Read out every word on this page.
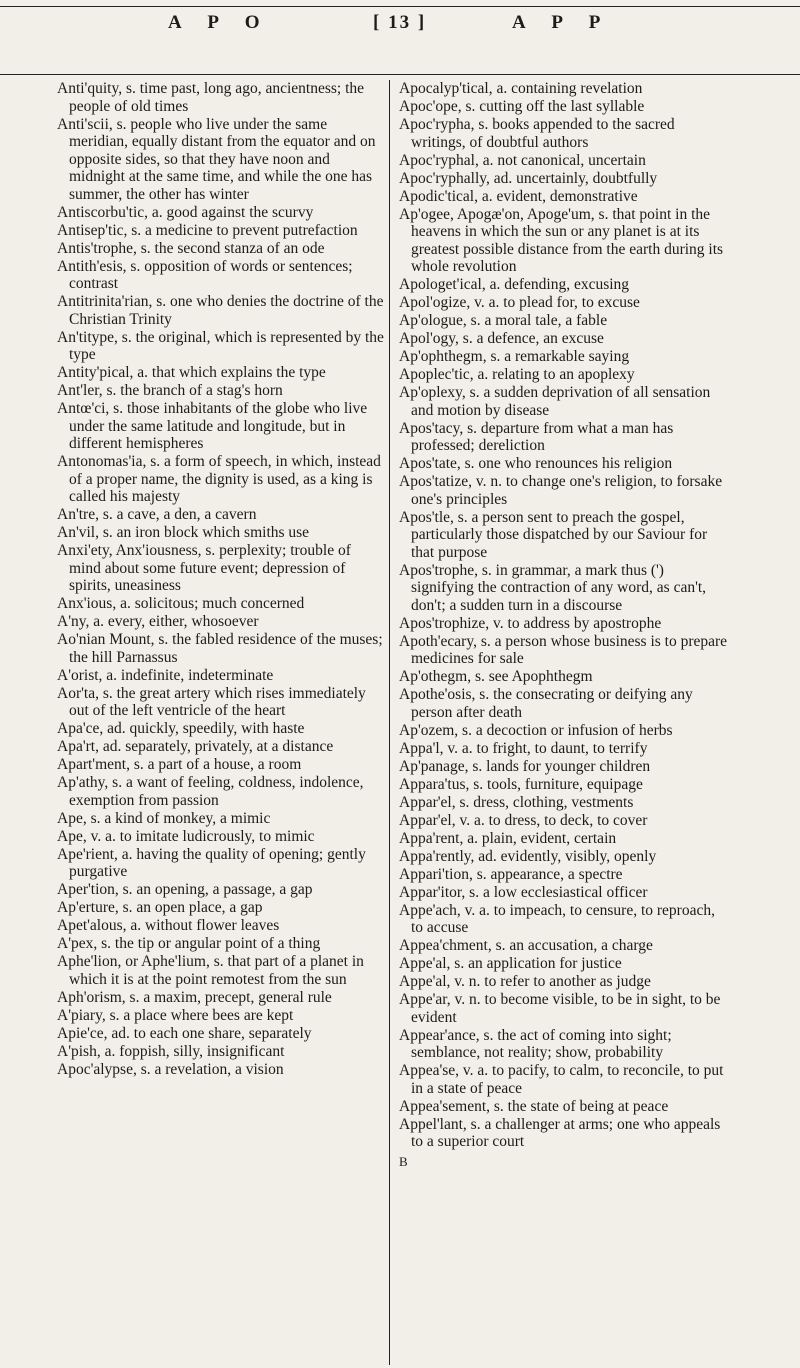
A P O	[ 13 ]	A P P

Anti'quity, s. time past, long ago, ancientness; the people of old times

Anti'scii, s. people who live under the same meridian, equally distant from the equator and on opposite sides, so that they have noon and midnight at the same time, and while the one has summer, the other has winter

Antiscorbu'tic, a. good against the scurvy

Antisep'tic, s. a medicine to prevent putrefaction

Antis'trophe, s. the second stanza of an ode

Antith'esis, s. opposition of words or sentences; contrast

Antitrinita'rian, s. one who denies the doctrine of the Christian Trinity

An'titype, s. the original, which is represented by the type

Antity'pical, a. that which explains the type

Ant'ler, s. the branch of a stag's horn

Antœ'ci, s. those inhabitants of the globe who live under the same latitude and longitude, but in different hemispheres

Antonomas'ia, s. a form of speech, in which, instead of a proper name, the dignity is used, as a king is called his majesty

An'tre, s. a cave, a den, a cavern

An'vil, s. an iron block which smiths use

Anxi'ety, Anx'iousness, s. perplexity; trouble of mind about some future event; depression of spirits, uneasiness

Anx'ious, a. solicitous; much concerned

A'ny, a. every, either, whosoever

Ao'nian Mount, s. the fabled residence of the muses; the hill Parnassus

A'orist, a. indefinite, indeterminate

Aor'ta, s. the great artery which rises immediately out of the left ventricle of the heart

Apa'ce, ad. quickly, speedily, with haste

Apa'rt, ad. separately, privately, at a distance

Apart'ment, s. a part of a house, a room

Ap'athy, s. a want of feeling, coldness, indolence, exemption from passion

Ape, s. a kind of monkey, a mimic

Ape, v. a. to imitate ludicrously, to mimic

Ape'rient, a. having the quality of opening; gently purgative

Aper'tion, s. an opening, a passage, a gap

Ap'erture, s. an open place, a gap

Apet'alous, a. without flower leaves

A'pex, s. the tip or angular point of a thing

Aphe'lion, or Aphe'lium, s. that part of a planet in which it is at the point remotest from the sun

Aph'orism, s. a maxim, precept, general rule

A'piary, s. a place where bees are kept

Apie'ce, ad. to each one share, separately

A'pish, a. foppish, silly, insignificant

Apoc'alypse, s. a revelation, a vision

Apocalyp'tical, a. containing revelation

Apoc'ope, s. cutting off the last syllable

Apoc'rypha, s. books appended to the sacred writings, of doubtful authors

Apoc'ryphal, a. not canonical, uncertain

Apoc'ryphally, ad. uncertainly, doubtfully

Apodic'tical, a. evident, demonstrative

Ap'ogee, Apogæ'on, Apoge'um, s. that point in the heavens in which the sun or any planet is at its greatest possible distance from the earth during its whole revolution

Apologet'ical, a. defending, excusing

Apol'ogize, v. a. to plead for, to excuse

Ap'ologue, s. a moral tale, a fable

Apol'ogy, s. a defence, an excuse

Ap'ophthegm, s. a remarkable saying

Apoplec'tic, a. relating to an apoplexy

Ap'oplexy, s. a sudden deprivation of all sensation and motion by disease

Apos'tacy, s. departure from what a man has professed; dereliction

Apos'tate, s. one who renounces his religion

Apos'tatize, v. n. to change one's religion, to forsake one's principles

Apos'tle, s. a person sent to preach the gospel, particularly those dispatched by our Saviour for that purpose

Apos'trophe, s. in grammar, a mark thus (') signifying the contraction of any word, as can't, don't; a sudden turn in a discourse

Apos'trophize, v. to address by apostrophe

Apoth'ecary, s. a person whose business is to prepare medicines for sale

Ap'othegm, s. see Apophthegm

Apothe'osis, s. the consecrating or deifying any person after death

Ap'ozem, s. a decoction or infusion of herbs

Appa'l, v. a. to fright, to daunt, to terrify

Ap'panage, s. lands for younger children

Appara'tus, s. tools, furniture, equipage

Appar'el, s. dress, clothing, vestments

Appar'el, v. a. to dress, to deck, to cover

Appa'rent, a. plain, evident, certain

Appa'rently, ad. evidently, visibly, openly

Appari'tion, s. appearance, a spectre

Appar'itor, s. a low ecclesiastical officer

Appe'ach, v. a. to impeach, to censure, to reproach, to accuse

Appea'chment, s. an accusation, a charge

Appe'al, s. an application for justice

Appe'al, v. n. to refer to another as judge

Appe'ar, v. n. to become visible, to be in sight, to be evident

Appear'ance, s. the act of coming into sight; semblance, not reality; show, probability

Appea'se, v. a. to pacify, to calm, to reconcile, to put in a state of peace

Appea'sement, s. the state of being at peace

Appel'lant, s. a challenger at arms; one who appeals to a superior court

B
